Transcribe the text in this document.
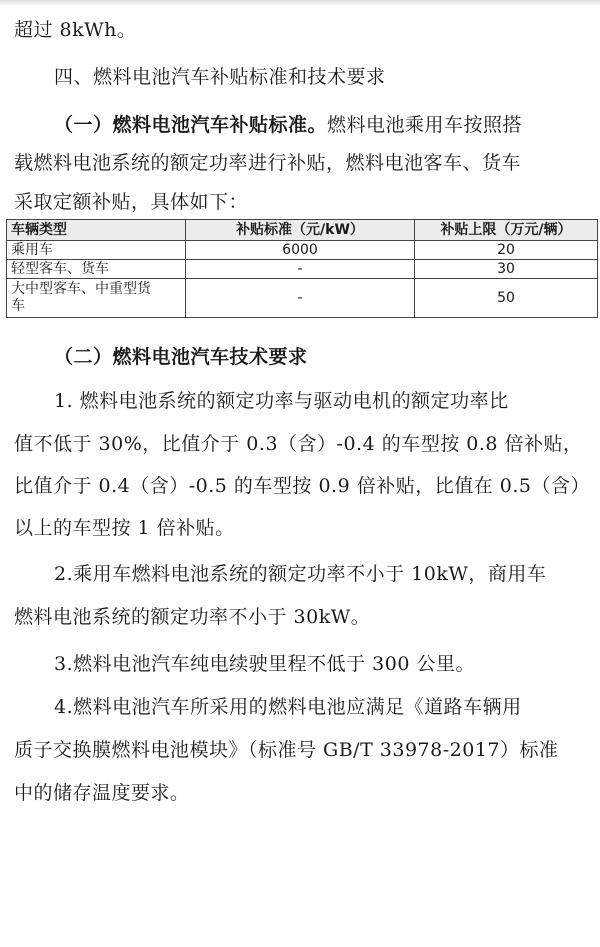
超过 8kWh。
四、燃料电池汽车补贴标准和技术要求
（一）燃料电池汽车补贴标准。燃料电池乘用车按照搭
载燃料电池系统的额定功率进行补贴，燃料电池客车、货车
采取定额补贴，具体如下：
车辆类型	补贴标准（元/kW）	补贴上限（万元/辆）
乘用车	6000	20
轻型客车、货车	-	30

大中型客车、中重型货车	-	50
（二）燃料电池汽车技术要求
1. 燃料电池系统的额定功率与驱动电机的额定功率比
值不低于 30%，比值介于 0.3（含）-0.4 的车型按 0.8 倍补贴，
比值介于 0.4（含）-0.5 的车型按 0.9 倍补贴，比值在 0.5（含）
以上的车型按 1 倍补贴。
2.乘用车燃料电池系统的额定功率不小于 10kW，商用车
燃料电池系统的额定功率不小于 30kW。
3.燃料电池汽车纯电续驶里程不低于 300 公里。
4.燃料电池汽车所采用的燃料电池应满足《道路车辆用
质子交换膜燃料电池模块》（标准号 GB/T 33978-2017）标准
中的储存温度要求。
